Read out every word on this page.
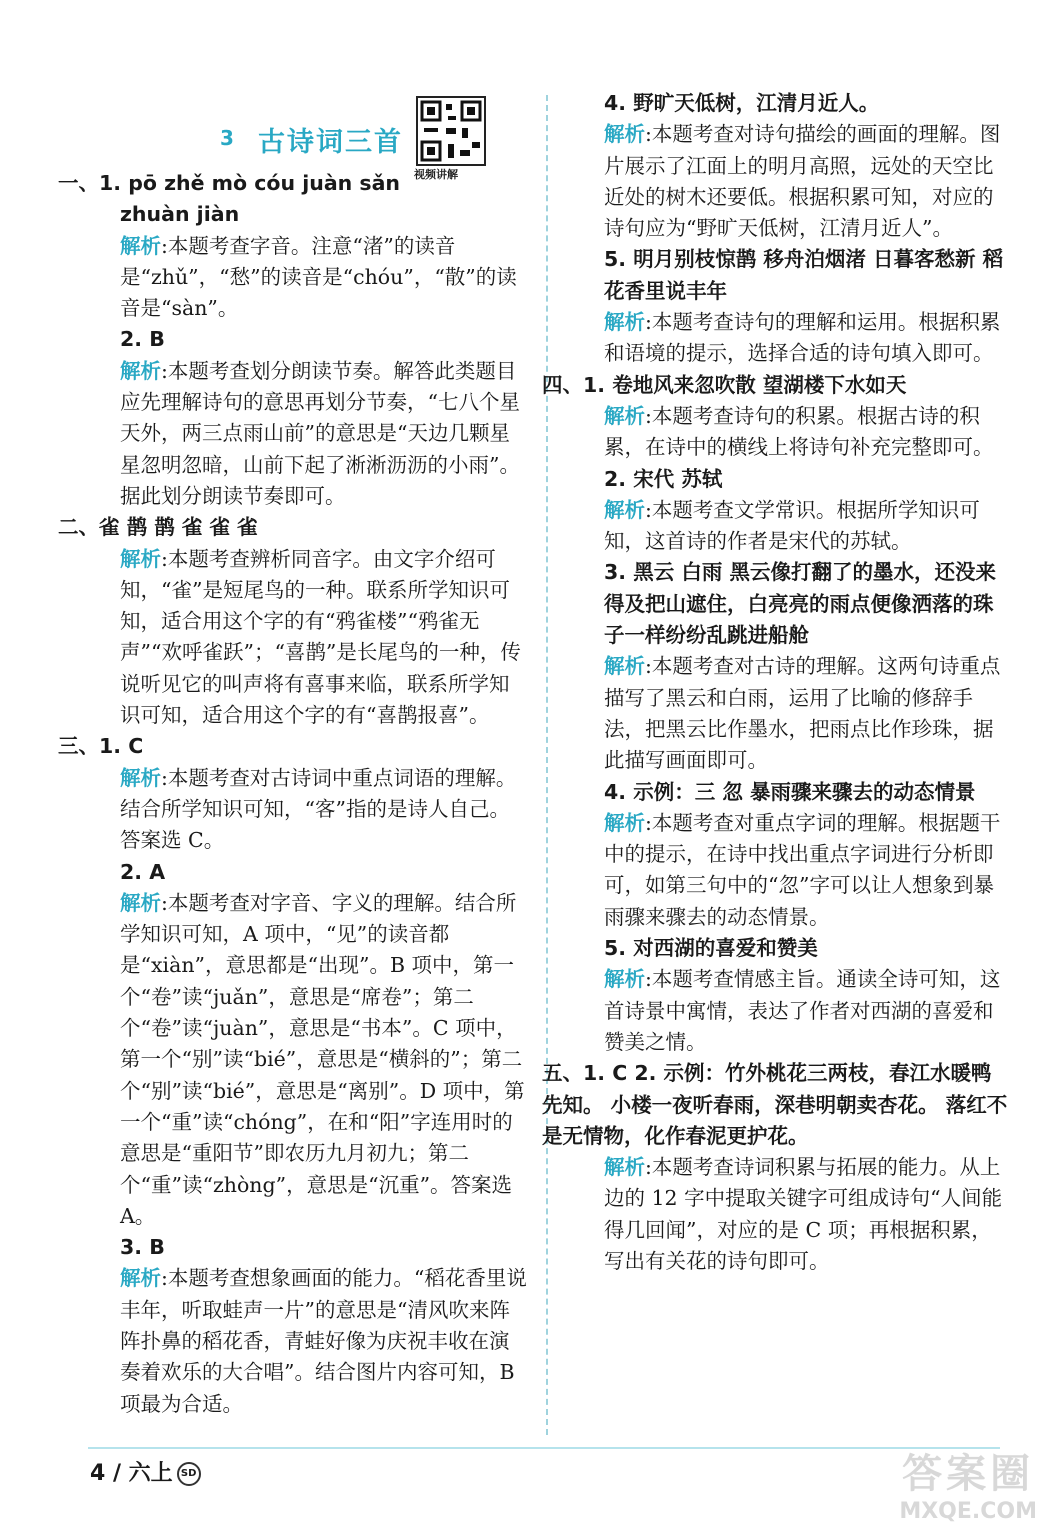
3 古诗词三首
视频讲解

一、1. pō zhě mò cóu juàn sǎn

zhuàn jiàn

解析:本题考查字音。注意“渚”的读音是“zhǔ”，“愁”的读音是“chóu”，“散”的读音是“sàn”。

2. B

解析:本题考查划分朗读节奏。解答此类题目应先理解诗句的意思再划分节奏，“七八个星天外，两三点雨山前”的意思是“天边几颗星星忽明忽暗，山前下起了淅淅沥沥的小雨”。据此划分朗读节奏即可。

二、雀 鹊 鹊 雀 雀 雀

解析:本题考查辨析同音字。由文字介绍可知，“雀”是短尾鸟的一种。联系所学知识可知，适合用这个字的有“鸦雀楼”“鸦雀无声”“欢呼雀跃”；“喜鹊”是长尾鸟的一种，传说听见它的叫声将有喜事来临，联系所学知识可知，适合用这个字的有“喜鹊报喜”。

三、1. C

解析:本题考查对古诗词中重点词语的理解。结合所学知识可知，“客”指的是诗人自己。答案选 C。

2. A

解析:本题考查对字音、字义的理解。结合所学知识可知，A 项中，“见”的读音都是“xiàn”，意思都是“出现”。B 项中，第一个“卷”读“juǎn”，意思是“席卷”；第二个“卷”读“juàn”，意思是“书本”。C 项中，第一个“别”读“bié”，意思是“横斜的”；第二个“别”读“bié”，意思是“离别”。D 项中，第一个“重”读“chóng”，在和“阳”字连用时的意思是“重阳节”即农历九月初九；第二个“重”读“zhòng”，意思是“沉重”。答案选 A。

3. B

解析:本题考查想象画面的能力。“稻花香里说丰年，听取蛙声一片”的意思是“清风吹来阵阵扑鼻的稻花香，青蛙好像为庆祝丰收在演奏着欢乐的大合唱”。结合图片内容可知，B 项最为合适。

4. 野旷天低树，江清月近人。

解析:本题考查对诗句描绘的画面的理解。图片展示了江面上的明月高照，远处的天空比近处的树木还要低。根据积累可知，对应的诗句应为“野旷天低树，江清月近人”。

5. 明月别枝惊鹊 移舟泊烟渚 日暮客愁新 稻花香里说丰年

解析:本题考查诗句的理解和运用。根据积累和语境的提示，选择合适的诗句填入即可。

四、1. 卷地风来忽吹散 望湖楼下水如天

解析:本题考查诗句的积累。根据古诗的积累，在诗中的横线上将诗句补充完整即可。

2. 宋代 苏轼

解析:本题考查文学常识。根据所学知识可知，这首诗的作者是宋代的苏轼。

3. 黑云 白雨 黑云像打翻了的墨水，还没来得及把山遮住，白亮亮的雨点便像洒落的珠子一样纷纷乱跳进船舱

解析:本题考查对古诗的理解。这两句诗重点描写了黑云和白雨，运用了比喻的修辞手法，把黑云比作墨水，把雨点比作珍珠，据此描写画面即可。

4. 示例：三 忽 暴雨骤来骤去的动态情景

解析:本题考查对重点字词的理解。根据题干中的提示，在诗中找出重点字词进行分析即可，如第三句中的“忽”字可以让人想象到暴雨骤来骤去的动态情景。

5. 对西湖的喜爱和赞美

解析:本题考查情感主旨。通读全诗可知，这首诗景中寓情，表达了作者对西湖的喜爱和赞美之情。

五、1. C 2. 示例：竹外桃花三两枝，春江水暖鸭先知。 小楼一夜听春雨，深巷明朝卖杏花。 落红不是无情物，化作春泥更护花。

解析:本题考查诗词积累与拓展的能力。从上边的 12 字中提取关键字可组成诗句“人间能得几回闻”，对应的是 C 项；再根据积累，写出有关花的诗句即可。

4 / 六上 SD	答案圈
MXQE.COM
